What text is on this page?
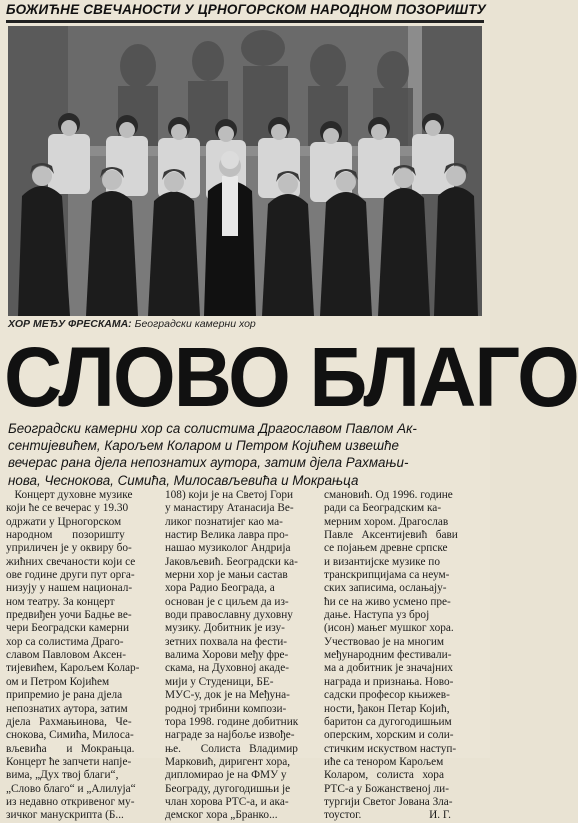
БОЖИЋНЕ СВЕЧАНОСТИ У ЦРНОГОРСКОМ НАРОДНОМ ПОЗОРИШТУ
ХОР МЕЂУ ФРЕСКАМА: Београдски камерни хор
СЛОВО БЛАГО
Београдски камерни хор са солистима Драгославом Павлом Ак-
сентијевићем, Карољем Коларом и Петром Којићем извешће
вечерас рана дјела непознатих аутора, затим дјела Рахмањи-
нова, Чеснокова, Симића, Милосављевића и Мокрањца
Концерт духовне музике
који ће се вечерас у 19.30
одржати у Црногорском
народном       позоришту
уприличен је у оквиру бо-
жићних свечаности који се
ове године други пут орга-
низују у нашем национал-
ном театру. За концерт
предвиђен уочи Бадње ве-
чери Београдски камерни
хор са солистима Драго-
славом Павловом Аксен-
тијевићем, Карољем Колар-
ом и Петром Којићем
припремио је рана дјела
непознатих аутора, затим
дјела   Рахмањинова,   Че-
снокова, Симића, Милоса-
вљевића       и   Мокрањца.
Концерт ће запчети напје-
вима, „Дух твој благи“,
„Слово благо“ и „Алилуја“
из недавно откривеног му-
зичког манускрипта (Б...
108) који је на Светој Гори
у манастиру Атанасија Ве-
ликог познатијег као ма-
настир Велика лавра про-
нашао музиколог Андрија
Јаковљевић. Београдски ка-
мерни хор је мањи састав
хора Радио Београда, а
основан је с циљем да из-
води православну духовну
музику. Добитник је изу-
зетних похвала на фести-
валима Хорови међу фре-
скама, на Духовној акаде-
мији у Студеници, БЕ-
МУС-у, док је на Међуна-
родној трибини компози-
тора 1998. године добитник
награде за најбоље извође-
ње.       Солиста   Владимир
Марковић, диригент хора,
дипломирао је на ФМУ у
Београду, дугогодишњи је
члан хорова РТС-а, и ака-
демског хора „Бранко...
смановић. Од 1996. године
ради са Београдским ка-
мерним хором. Драгослав
Павле   Аксентијевић   бави
се појањем древне српске
и византијске музике по
транскрипцијама са неум-
ских записима, ослањају-
ћи се на живо усмено пре-
дање. Наступа уз број
(исон) мањег мушког хора.
Учествовао је на многим
међународним фестивали-
ма а добитник је значајних
награда и признања. Ново-
садски професор књижев-
ности, ђакон Петар Којић,
баритон са дугогодишњим
оперским, хорским и соли-
стичким искуством наступ-
иће са тенором Карољем
Коларом,   солиста   хора
РТС-а у Божанственој ли-
тургији Светог Јована Зла-
тоустог.                        И. Г.
